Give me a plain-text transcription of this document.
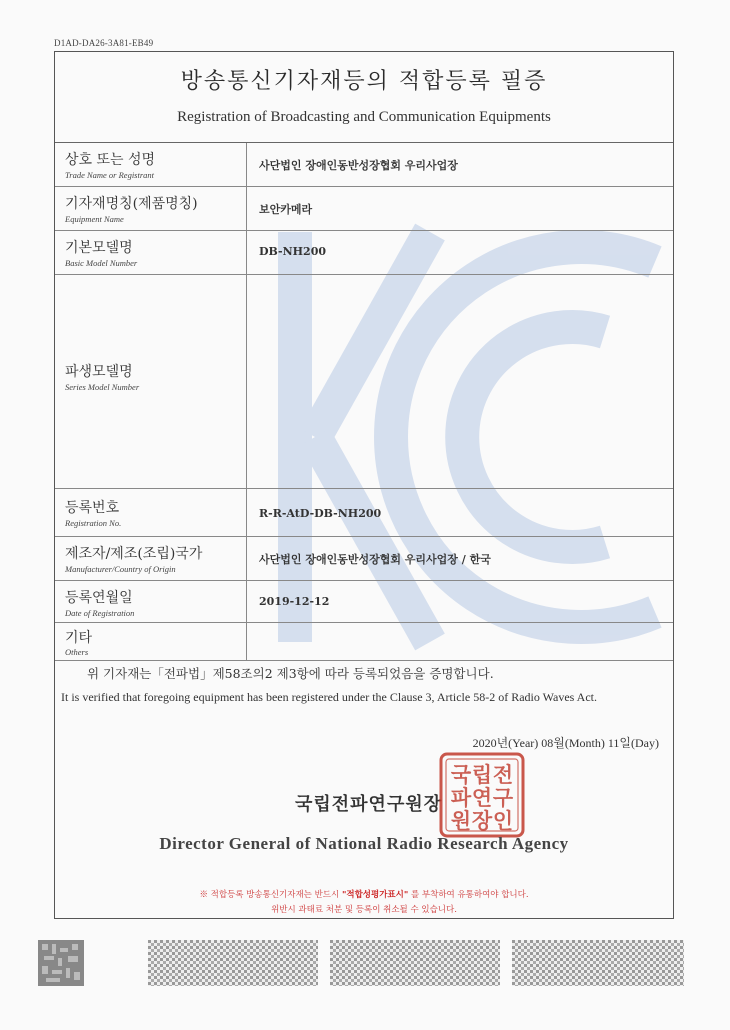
D1AD-DA26-3A81-EB49
방송통신기자재등의 적합등록 필증
Registration of Broadcasting and Communication Equipments
상호 또는 성명
Trade Name or Registrant
사단법인 장애인동반성장협회 우리사업장
기자재명칭(제품명칭)
Equipment Name
보안카메라
기본모델명
Basic Model Number
DB-NH200
파생모델명
Series Model Number
등록번호
Registration No.
R-R-AtD-DB-NH200
제조자/제조(조립)국가
Manufacturer/Country of Origin
사단법인 장애인동반성장협회 우리사업장 / 한국
등록연월일
Date of Registration
2019-12-12
기타
Others
위 기자재는「전파법」제58조의2 제3항에 따라 등록되었음을 증명합니다.
It is verified that foregoing equipment has been registered under the Clause 3, Article 58-2 of Radio Waves Act.
2020년(Year) 08월(Month) 11일(Day)
국립전파연구원장
국 립 전
파 연 구
원 장 인
Director General of National Radio Research Agency
※ 적합등록 방송통신기자재는 반드시 "적합성평가표시" 를 부착하여 유통하여야 합니다.
위반시 과태료 처분 및 등록이 취소될 수 있습니다.
